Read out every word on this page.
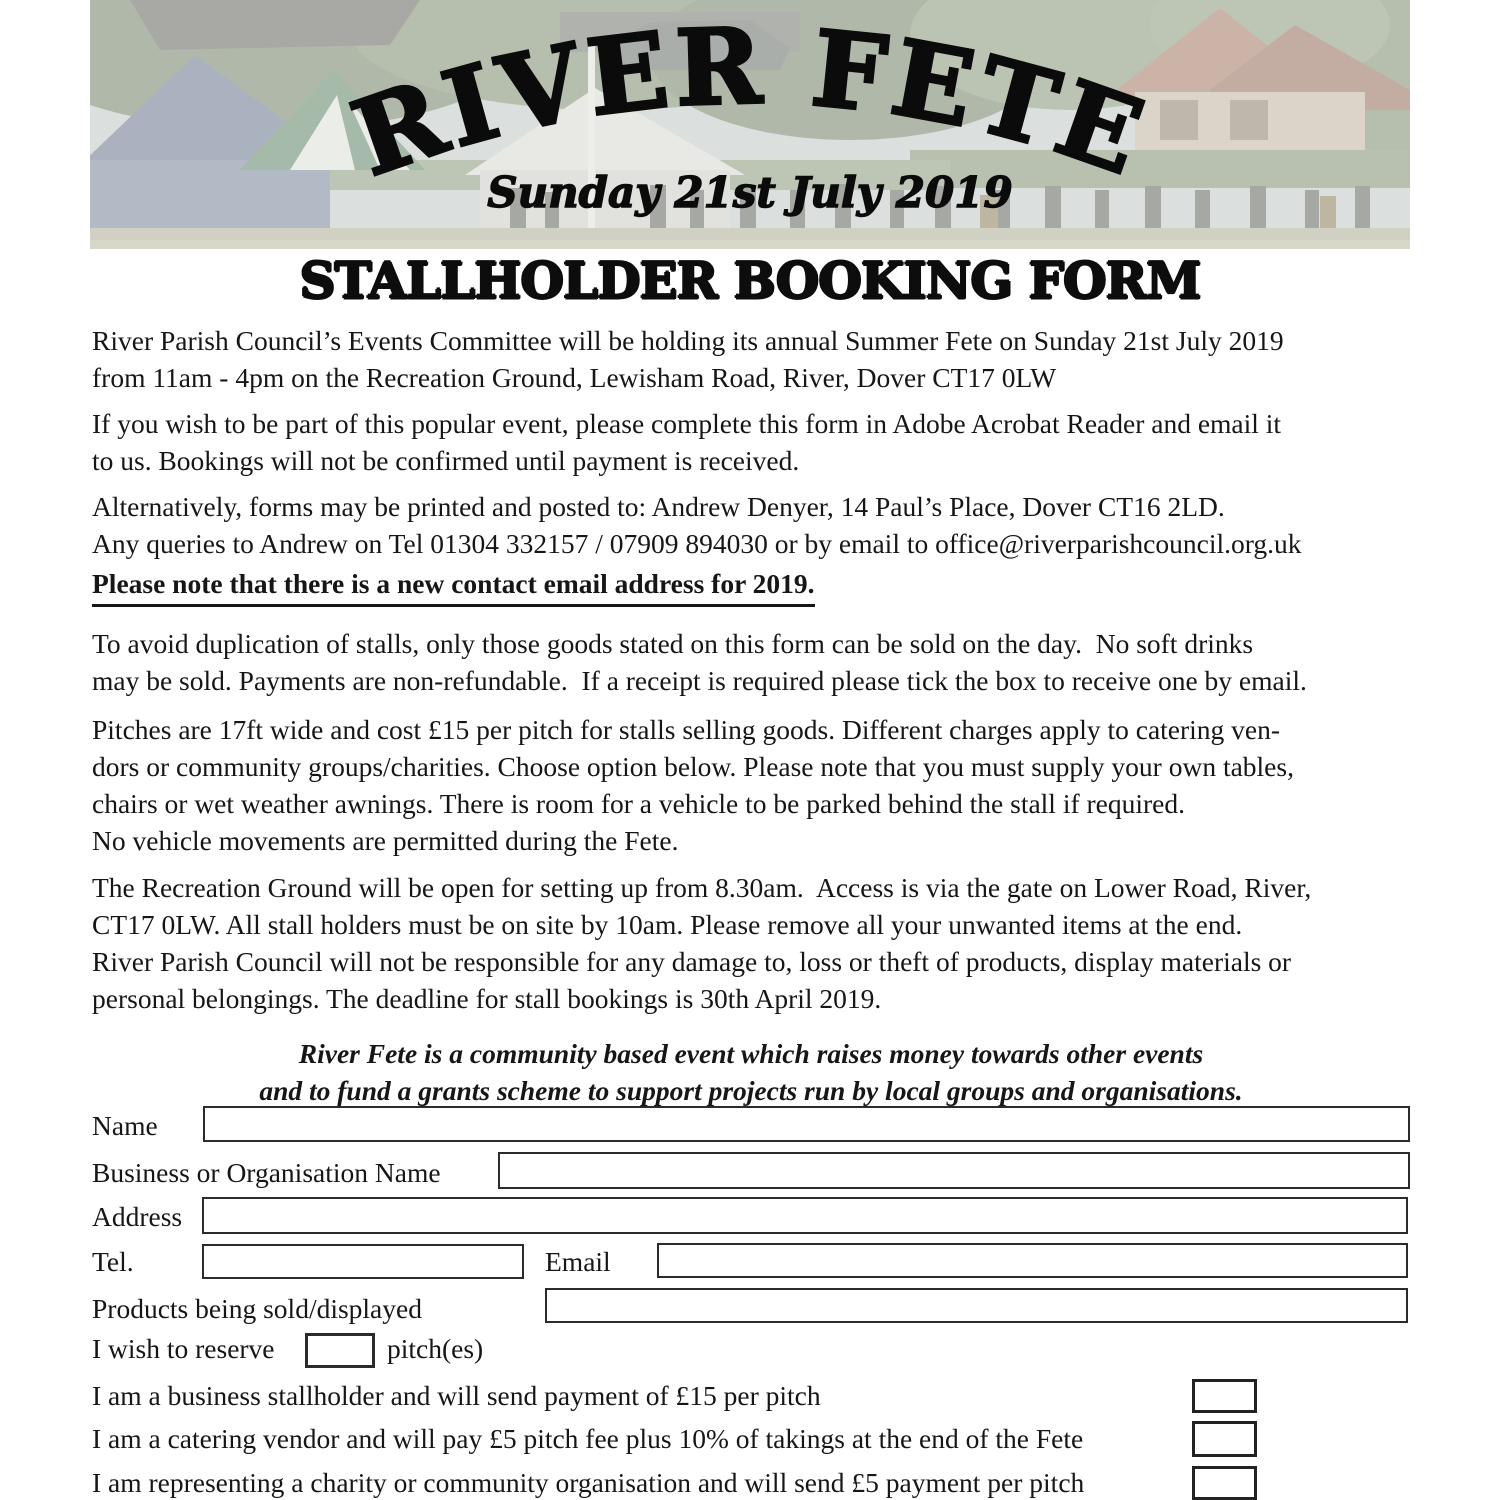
RIVER FETE
Sunday 21st July 2019
STALLHOLDER BOOKING FORM
River Parish Council’s Events Committee will be holding its annual Summer Fete on Sunday 21st July 2019
from 11am - 4pm on the Recreation Ground, Lewisham Road, River, Dover CT17 0LW
If you wish to be part of this popular event, please complete this form in Adobe Acrobat Reader and email it
to us. Bookings will not be confirmed until payment is received.
Alternatively, forms may be printed and posted to: Andrew Denyer, 14 Paul’s Place, Dover CT16 2LD.
Any queries to Andrew on Tel 01304 332157 / 07909 894030 or by email to office@riverparishcouncil.org.uk
Please note that there is a new contact email address for 2019.
To avoid duplication of stalls, only those goods stated on this form can be sold on the day.  No soft drinks
may be sold. Payments are non-refundable.  If a receipt is required please tick the box to receive one by email.
Pitches are 17ft wide and cost £15 per pitch for stalls selling goods. Different charges apply to catering ven-
dors or community groups/charities. Choose option below. Please note that you must supply your own tables,
chairs or wet weather awnings. There is room for a vehicle to be parked behind the stall if required.
No vehicle movements are permitted during the Fete.
The Recreation Ground will be open for setting up from 8.30am.  Access is via the gate on Lower Road, River,
CT17 0LW. All stall holders must be on site by 10am. Please remove all your unwanted items at the end.
River Parish Council will not be responsible for any damage to, loss or theft of products, display materials or
personal belongings. The deadline for stall bookings is 30th April 2019.
River Fete is a community based event which raises money towards other events
and to fund a grants scheme to support projects run by local groups and organisations.
Name
Business or Organisation Name
Address
Tel.	Email
Products being sold/displayed
I wish to reserve	pitch(es)
I am a business stallholder and will send payment of £15 per pitch
I am a catering vendor and will pay £5 pitch fee plus 10% of takings at the end of the Fete
I am representing a charity or community organisation and will send £5 payment per pitch
